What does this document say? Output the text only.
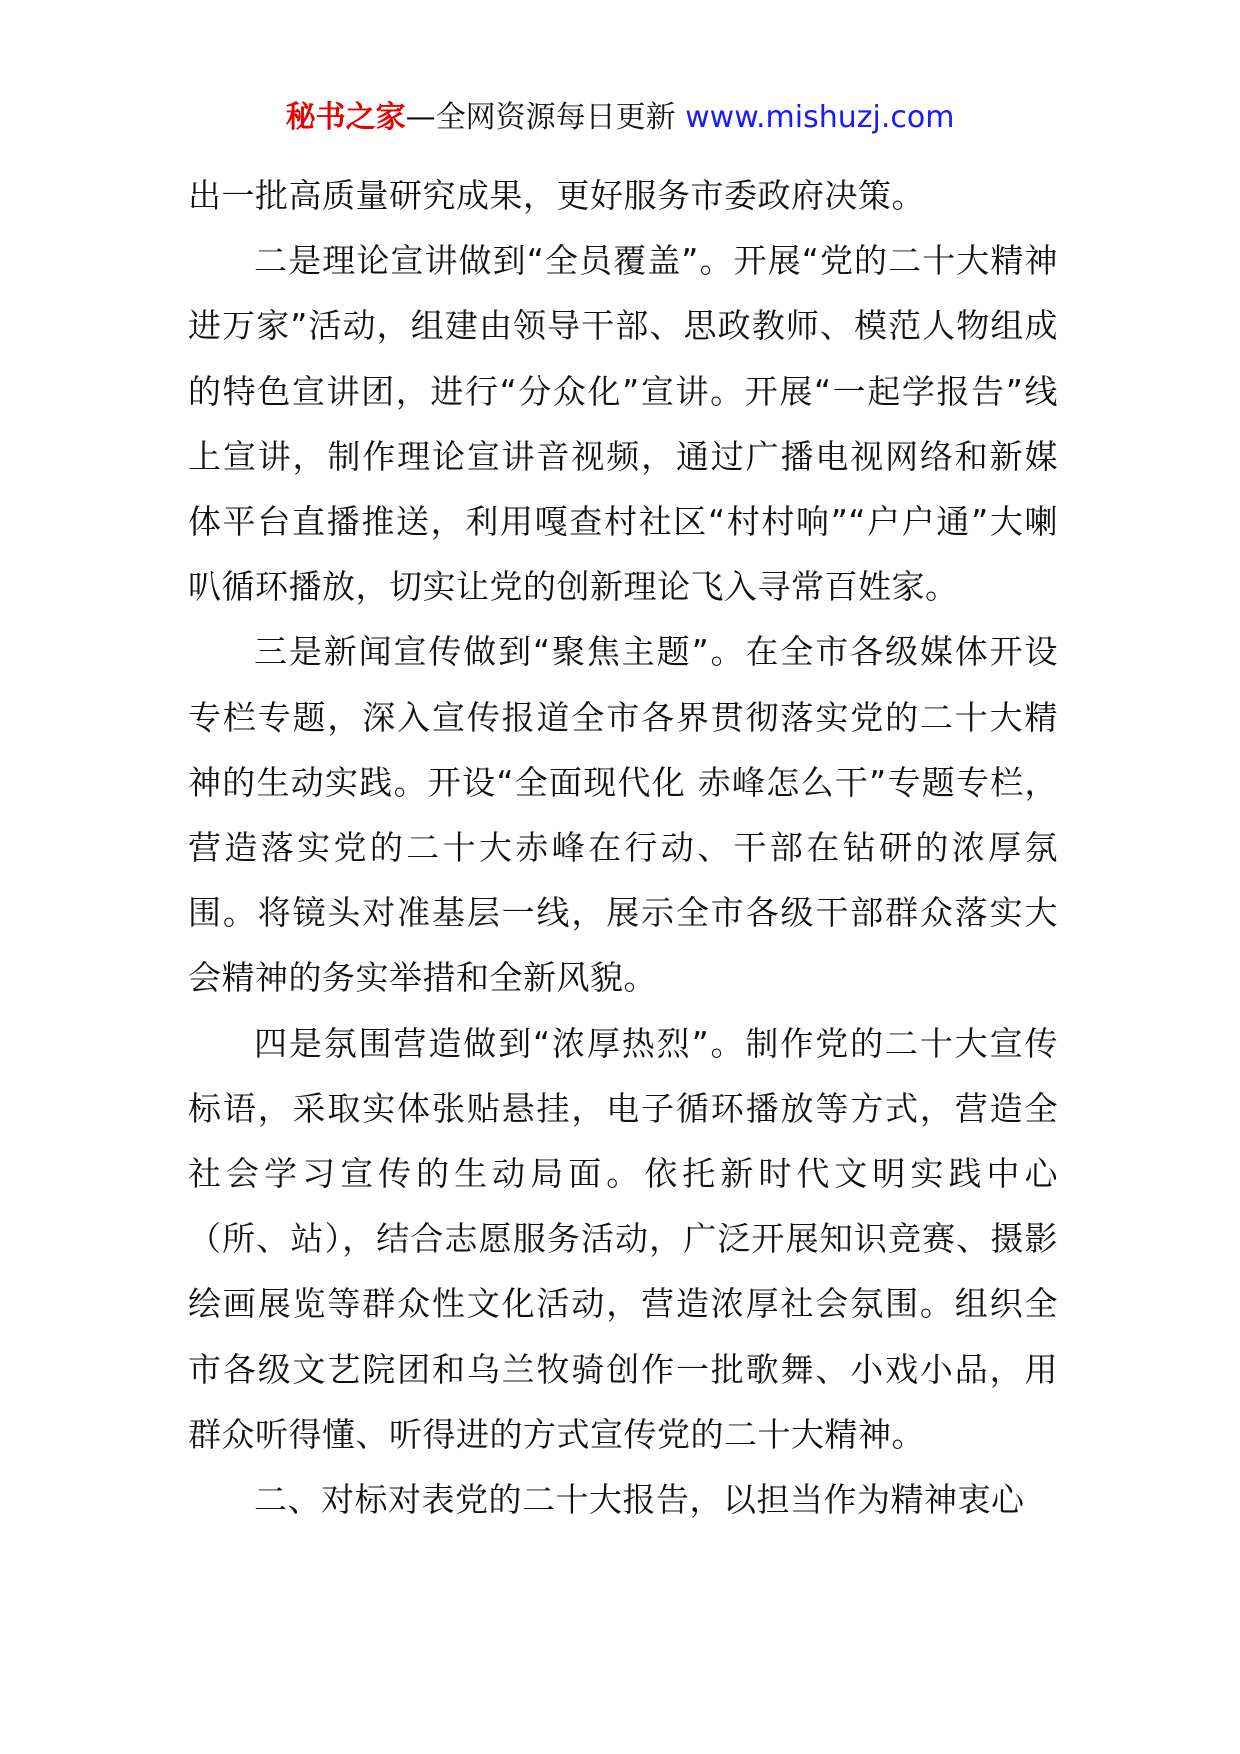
秘书之家—全网资源每日更新 www.mishuzj.com

出一批高质量研究成果，更好服务市委政府决策。

二是理论宣讲做到“全员覆盖”。开展“党的二十大精神进万家”活动，组建由领导干部、思政教师、模范人物组成的特色宣讲团，进行“分众化”宣讲。开展“一起学报告”线上宣讲，制作理论宣讲音视频，通过广播电视网络和新媒体平台直播推送，利用嘎查村社区“村村响”“户户通”大喇叭循环播放，切实让党的创新理论飞入寻常百姓家。

三是新闻宣传做到“聚焦主题”。在全市各级媒体开设专栏专题，深入宣传报道全市各界贯彻落实党的二十大精神的生动实践。开设“全面现代化 赤峰怎么干”专题专栏，营造落实党的二十大赤峰在行动、干部在钻研的浓厚氛围。将镜头对准基层一线，展示全市各级干部群众落实大会精神的务实举措和全新风貌。

四是氛围营造做到“浓厚热烈”。制作党的二十大宣传标语，采取实体张贴悬挂，电子循环播放等方式，营造全社会学习宣传的生动局面。依托新时代文明实践中心（所、站），结合志愿服务活动，广泛开展知识竞赛、摄影绘画展览等群众性文化活动，营造浓厚社会氛围。组织全市各级文艺院团和乌兰牧骑创作一批歌舞、小戏小品，用群众听得懂、听得进的方式宣传党的二十大精神。

二、对标对表党的二十大报告，以担当作为精神衷心
